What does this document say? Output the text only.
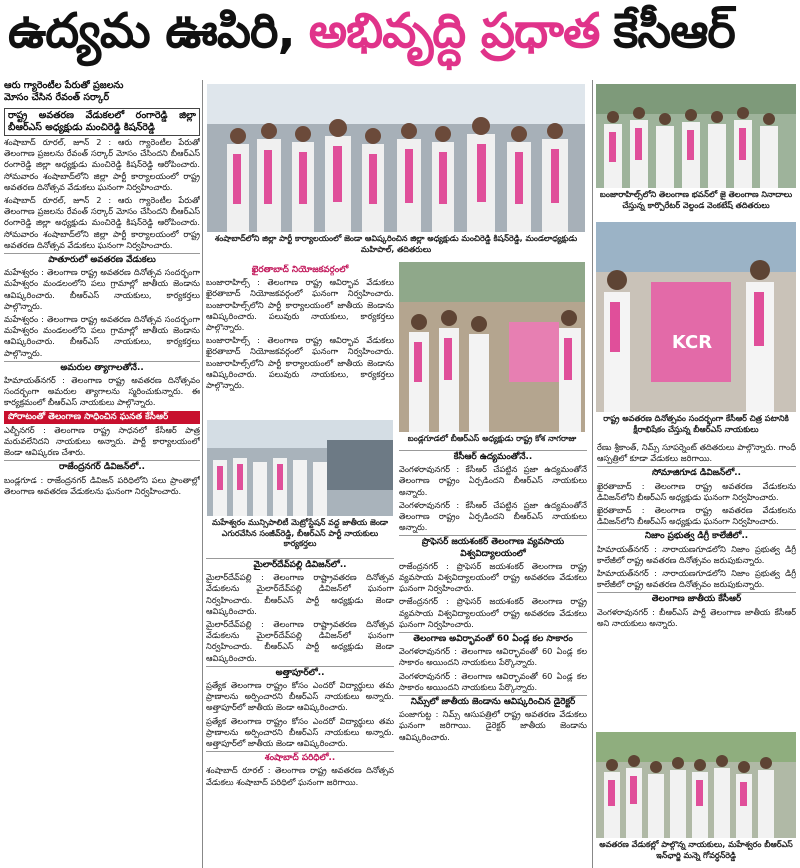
ఉద్యమ ఊపిరి, అభివృద్ధి ప్రధాత కేసీఆర్
ఆరు గ్యారెంటీల పేరుతో ప్రజలను
మోసం చేసిన రేవంత్ సర్కార్
రాష్ట్ర అవతరణ వేడుకలలో రంగారెడ్డి జిల్లా బీఆర్ఎస్ అధ్యక్షుడు మంచిరెడ్డి కిషన్‌రెడ్డి

శంషాబాద్ రూరల్, జూన్ 2 : ఆరు గ్యారెంటీల పేరుతో తెలంగాణ ప్రజలను రేవంత్ సర్కార్ మోసం చేసిందని బీఆర్ఎస్ రంగారెడ్డి జిల్లా అధ్యక్షుడు మంచిరెడ్డి కిషన్‌రెడ్డి ఆరోపించారు. సోమవారం శంషాబాద్‌లోని జిల్లా పార్టీ కార్యాలయంలో రాష్ట్ర అవతరణ దినోత్సవ వేడుకలు ఘనంగా నిర్వహించారు.

శంషాబాద్ రూరల్, జూన్ 2 : ఆరు గ్యారెంటీల పేరుతో తెలంగాణ ప్రజలను రేవంత్ సర్కార్ మోసం చేసిందని బీఆర్ఎస్ రంగారెడ్డి జిల్లా అధ్యక్షుడు మంచిరెడ్డి కిషన్‌రెడ్డి ఆరోపించారు. సోమవారం శంషాబాద్‌లోని జిల్లా పార్టీ కార్యాలయంలో రాష్ట్ర అవతరణ దినోత్సవ వేడుకలు ఘనంగా నిర్వహించారు.

పాతూరులో అవతరణ వేడుకలు

మహేశ్వరం : తెలంగాణ రాష్ట్ర అవతరణ దినోత్సవ సందర్భంగా మహేశ్వరం మండలంలోని పలు గ్రామాల్లో జాతీయ జెండాను ఆవిష్కరించారు. బీఆర్ఎస్ నాయకులు, కార్యకర్తలు పాల్గొన్నారు.

మహేశ్వరం : తెలంగాణ రాష్ట్ర అవతరణ దినోత్సవ సందర్భంగా మహేశ్వరం మండలంలోని పలు గ్రామాల్లో జాతీయ జెండాను ఆవిష్కరించారు. బీఆర్ఎస్ నాయకులు, కార్యకర్తలు పాల్గొన్నారు.

అమరుల త్యాగాలతోనే..

హిమాయత్‌నగర్ : తెలంగాణ రాష్ట్ర అవతరణ దినోత్సవం సందర్భంగా అమరుల త్యాగాలను స్మరించుకున్నారు. ఈ కార్యక్రమంలో బీఆర్ఎస్ నాయకులు పాల్గొన్నారు.

పోరాటంతో తెలంగాణ సాధించిన ఘనత కేసీఆర్

ఎల్బీనగర్ : తెలంగాణ రాష్ట్ర సాధనలో కేసీఆర్ పాత్ర మరువలేనిదని నాయకులు అన్నారు. పార్టీ కార్యాలయంలో జెండా ఆవిష్కరణ చేశారు.

రాజేంద్రనగర్ డివిజన్‌లో..

బండ్లగూడ : రాజేంద్రనగర్ డివిజన్ పరిధిలోని పలు ప్రాంతాల్లో తెలంగాణ అవతరణ వేడుకలను ఘనంగా నిర్వహించారు.

శంషాబాద్‌లోని జిల్లా పార్టీ కార్యాలయంలో జెండా ఆవిష్కరించిన జిల్లా అధ్యక్షుడు మంచిరెడ్డి కిషన్‌రెడ్డి, మండలాధ్యక్షుడు మహిపాల్‌, తదితరులు
బంజారాహిల్స్‌లోని తెలంగాణ భవన్‌లో జై తెలంగాణ నినాదాలు చేస్తున్న కార్పొరేటర్ వెల్దండ వెంకటేష్ తదితరులు
ఖైరతాబాద్ నియోజకవర్గంలో

బంజారాహిల్స్ : తెలంగాణ రాష్ట్ర ఆవిర్భావ వేడుకలు ఖైరతాబాద్ నియోజకవర్గంలో ఘనంగా నిర్వహించారు. బంజారాహిల్స్‌లోని పార్టీ కార్యాలయంలో జాతీయ జెండాను ఆవిష్కరించారు. పలువురు నాయకులు, కార్యకర్తలు పాల్గొన్నారు.

బంజారాహిల్స్ : తెలంగాణ రాష్ట్ర ఆవిర్భావ వేడుకలు ఖైరతాబాద్ నియోజకవర్గంలో ఘనంగా నిర్వహించారు. బంజారాహిల్స్‌లోని పార్టీ కార్యాలయంలో జాతీయ జెండాను ఆవిష్కరించారు. పలువురు నాయకులు, కార్యకర్తలు పాల్గొన్నారు.

బండ్లగూడలో బీఆర్ఎస్ అధ్యక్షుడు రాష్ట్ర కోశ నాగరాజు
KCR
రాష్ట్ర అవతరణ దినోత్సవం సందర్భంగా కేసీఆర్ చిత్ర పటానికి క్షీరాభిషేకం చేస్తున్న బీఆర్ఎస్ నాయకులు
మహేశ్వరం మున్సిపాలిటీ మెట్రోస్టేషన్ వద్ద జాతీయ జెండా ఎగురవేసిన సంజీవ్‌రెడ్డి, బీఆర్ఎస్ పార్టీ నాయకులు కార్యకర్తలు
మైలార్‌దేవ్‌పల్లి డివిజన్‌లో..

మైలార్‌దేవ్‌పల్లి : తెలంగాణ రాష్ట్రావతరణ దినోత్సవ వేడుకలను మైలార్‌దేవ్‌పల్లి డివిజన్‌లో ఘనంగా నిర్వహించారు. బీఆర్ఎస్ పార్టీ అధ్యక్షుడు జెండా ఆవిష్కరించారు.

మైలార్‌దేవ్‌పల్లి : తెలంగాణ రాష్ట్రావతరణ దినోత్సవ వేడుకలను మైలార్‌దేవ్‌పల్లి డివిజన్‌లో ఘనంగా నిర్వహించారు. బీఆర్ఎస్ పార్టీ అధ్యక్షుడు జెండా ఆవిష్కరించారు.

అత్తాపూర్‌లో..

ప్రత్యేక తెలంగాణ రాష్ట్రం కోసం ఎందరో విద్యార్థులు తమ ప్రాణాలను అర్పించారని బీఆర్ఎస్ నాయకులు అన్నారు. అత్తాపూర్‌లో జాతీయ జెండా ఆవిష్కరించారు.

ప్రత్యేక తెలంగాణ రాష్ట్రం కోసం ఎందరో విద్యార్థులు తమ ప్రాణాలను అర్పించారని బీఆర్ఎస్ నాయకులు అన్నారు. అత్తాపూర్‌లో జాతీయ జెండా ఆవిష్కరించారు.

శంషాబాద్ పరిధిలో..

శంషాబాద్ రూరల్ : తెలంగాణ రాష్ట్ర అవతరణ దినోత్సవ వేడుకలు శంషాబాద్ పరిధిలో ఘనంగా జరిగాయి.

కేసీఆర్ ఉద్యమంతోనే..

వెంగళరావునగర్ : కేసీఆర్ చేపట్టిన ప్రజా ఉద్యమంతోనే తెలంగాణ రాష్ట్రం ఏర్పడిందని బీఆర్ఎస్ నాయకులు అన్నారు.

వెంగళరావునగర్ : కేసీఆర్ చేపట్టిన ప్రజా ఉద్యమంతోనే తెలంగాణ రాష్ట్రం ఏర్పడిందని బీఆర్ఎస్ నాయకులు అన్నారు.

ప్రొఫెసర్ జయశంకర్ తెలంగాణ వ్యవసాయ విశ్వవిద్యాలయంలో

రాజేంద్రనగర్ : ప్రొఫెసర్ జయశంకర్ తెలంగాణ రాష్ట్ర వ్యవసాయ విశ్వవిద్యాలయంలో రాష్ట్ర అవతరణ వేడుకలు ఘనంగా నిర్వహించారు.

రాజేంద్రనగర్ : ప్రొఫెసర్ జయశంకర్ తెలంగాణ రాష్ట్ర వ్యవసాయ విశ్వవిద్యాలయంలో రాష్ట్ర అవతరణ వేడుకలు ఘనంగా నిర్వహించారు.

తెలంగాణ అవిర్భావంతో 60 ఏండ్ల కల సాకారం

వెంగళరావునగర్ : తెలంగాణ ఆవిర్భావంతో 60 ఏండ్ల కల సాకారం అయిందని నాయకులు పేర్కొన్నారు.

వెంగళరావునగర్ : తెలంగాణ ఆవిర్భావంతో 60 ఏండ్ల కల సాకారం అయిందని నాయకులు పేర్కొన్నారు.

నిమ్స్‌లో జాతీయ జెండాను ఆవిష్కరించిన డైరెక్టర్

పంజాగుట్ట : నిమ్స్ ఆసుపత్రిలో రాష్ట్ర అవతరణ వేడుకలు ఘనంగా జరిగాయి. డైరెక్టర్ జాతీయ జెండాను ఆవిష్కరించారు.

రేణు శ్రీకాంత్, నిమ్స్ సూపర్నెంట్ తదితరులు పాల్గొన్నారు. గాంధీ ఆస్పత్రిలో కూడా వేడుకలు జరిగాయి.

సోమాజిగూడ డివిజన్‌లో..

ఖైరతాబాద్ : తెలంగాణ రాష్ట్ర అవతరణ వేడుకలను డివిజన్‌లోని బీఆర్ఎస్ అధ్యక్షుడు ఘనంగా నిర్వహించారు.

ఖైరతాబాద్ : తెలంగాణ రాష్ట్ర అవతరణ వేడుకలను డివిజన్‌లోని బీఆర్ఎస్ అధ్యక్షుడు ఘనంగా నిర్వహించారు.

నిజాం ప్రభుత్వ డిగ్రీ కాలేజీలో..

హిమాయత్‌నగర్ : నారాయణగూడలోని నిజాం ప్రభుత్వ డిగ్రీ కాలేజీలో రాష్ట్ర అవతరణ దినోత్సవం జరుపుకున్నారు.

హిమాయత్‌నగర్ : నారాయణగూడలోని నిజాం ప్రభుత్వ డిగ్రీ కాలేజీలో రాష్ట్ర అవతరణ దినోత్సవం జరుపుకున్నారు.

తెలంగాణ జాతీయ కేసీఆర్

వెంగళరావునగర్ : బీఆర్ఎస్ పార్టీ తెలంగాణ జాతీయ కేసీఆర్ అని నాయకులు అన్నారు.

అవతరణ వేడుకల్లో పాల్గొన్న నాయకులు, మహేశ్వరం బీఆర్ఎస్ ఇన్‌ఛార్జి మన్నె గోవర్ధన్‌రెడ్డి
